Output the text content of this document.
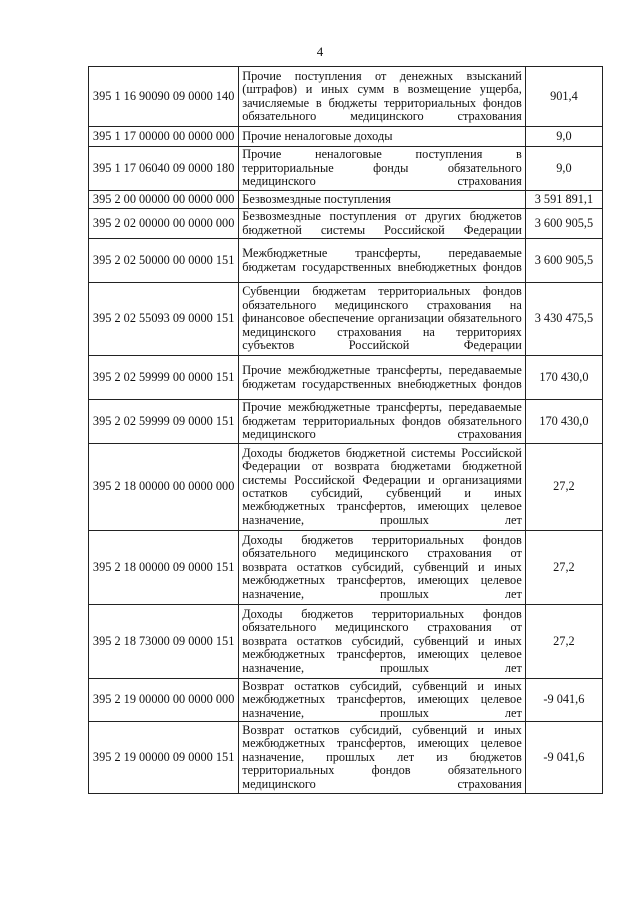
4
395 1 16 90090 09 0000 140	Прочие поступления от денежных взысканий (штрафов) и иных сумм в возмещение ущерба, зачисляемые в бюджеты территориальных фондов обязательного медицинского страхования	901,4
395 1 17 00000 00 0000 000	Прочие неналоговые доходы	9,0
395 1 17 06040 09 0000 180	Прочие неналоговые поступления в территориальные фонды обязательного медицинского страхования	9,0
395 2 00 00000 00 0000 000	Безвозмездные поступления	3 591 891,1
395 2 02 00000 00 0000 000	Безвозмездные поступления от других бюджетов бюджетной системы Российской Федерации	3 600 905,5
395 2 02 50000 00 0000 151	Межбюджетные трансферты, передаваемые бюджетам государственных внебюджетных фондов	3 600 905,5
395 2 02 55093 09 0000 151	Субвенции бюджетам территориальных фондов обязательного медицинского страхования на финансовое обеспечение организации обязательного медицинского страхования на территориях субъектов Российской Федерации	3 430 475,5
395 2 02 59999 00 0000 151	Прочие межбюджетные трансферты, передаваемые бюджетам государственных внебюджетных фондов	170 430,0
395 2 02 59999 09 0000 151	Прочие межбюджетные трансферты, передаваемые бюджетам территориальных фондов обязательного медицинского страхования	170 430,0
395 2 18 00000 00 0000 000	Доходы бюджетов бюджетной системы Российской Федерации от возврата бюджетами бюджетной системы Российской Федерации и организациями остатков субсидий, субвенций и иных межбюджетных трансфертов, имеющих целевое назначение, прошлых лет	27,2
395 2 18 00000 09 0000 151	Доходы бюджетов территориальных фондов обязательного медицинского страхования от возврата остатков субсидий, субвенций и иных межбюджетных трансфертов, имеющих целевое назначение, прошлых лет	27,2
395 2 18 73000 09 0000 151	Доходы бюджетов территориальных фондов обязательного медицинского страхования от возврата остатков субсидий, субвенций и иных межбюджетных трансфертов, имеющих целевое назначение, прошлых лет	27,2
395 2 19 00000 00 0000 000	Возврат остатков субсидий, субвенций и иных межбюджетных трансфертов, имеющих целевое назначение, прошлых лет	-9 041,6
395 2 19 00000 09 0000 151	Возврат остатков субсидий, субвенций и иных межбюджетных трансфертов, имеющих целевое назначение, прошлых лет из бюджетов территориальных фондов обязательного медицинского страхования	-9 041,6
